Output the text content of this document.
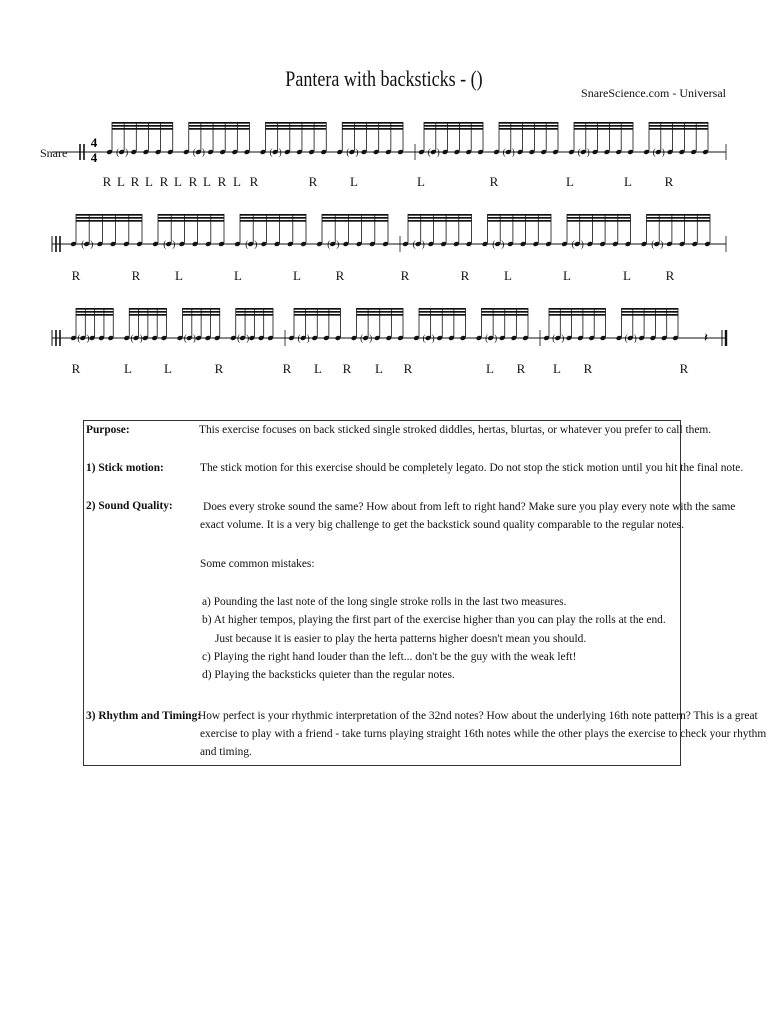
Pantera with backsticks - ()
SnareScience.com - Universal
Snare	( )	( )	( )	( )	( )	( )	( )	( )
( )	( )	( )	( )	( )	( )	( )	( )
( )	( )	( )	( )	( )	( )	( )	( )	( )	( )	𝄽
4
4
R L R L R L R L R L R	R	L	L	R	L	L	R
R	R	L	L	L	R	R	R	L	L	L	R
R	L L	R	R L R L R	L R L R	R
Purpose:	This exercise focuses on back sticked single stroked diddles, hertas, blurtas, or whatever you prefer to call them.
1) Stick motion:	The stick motion for this exercise should be completely legato. Do not stop the stick motion until you hit the final note.
2) Sound Quality:	Does every stroke sound the same? How about from left to right hand? Make sure you play every note with the same
exact volume. It is a very big challenge to get the backstick sound quality comparable to the regular notes.
Some common mistakes:
a) Pounding the last note of the long single stroke rolls in the last two measures.
b) At higher tempos, playing the first part of the exercise higher than you can play the rolls at the end.
Just because it is easier to play the herta patterns higher doesn't mean you should.
c) Playing the right hand louder than the left... don't be the guy with the weak left!
d) Playing the backsticks quieter than the regular notes.
3) Rhythm and Timing:
How perfect is your rhythmic interpretation of the 32nd notes? How about the underlying 16th note pattern? This is a great
exercise to play with a friend - take turns playing straight 16th notes while the other plays the exercise to check your rhythm
and timing.
